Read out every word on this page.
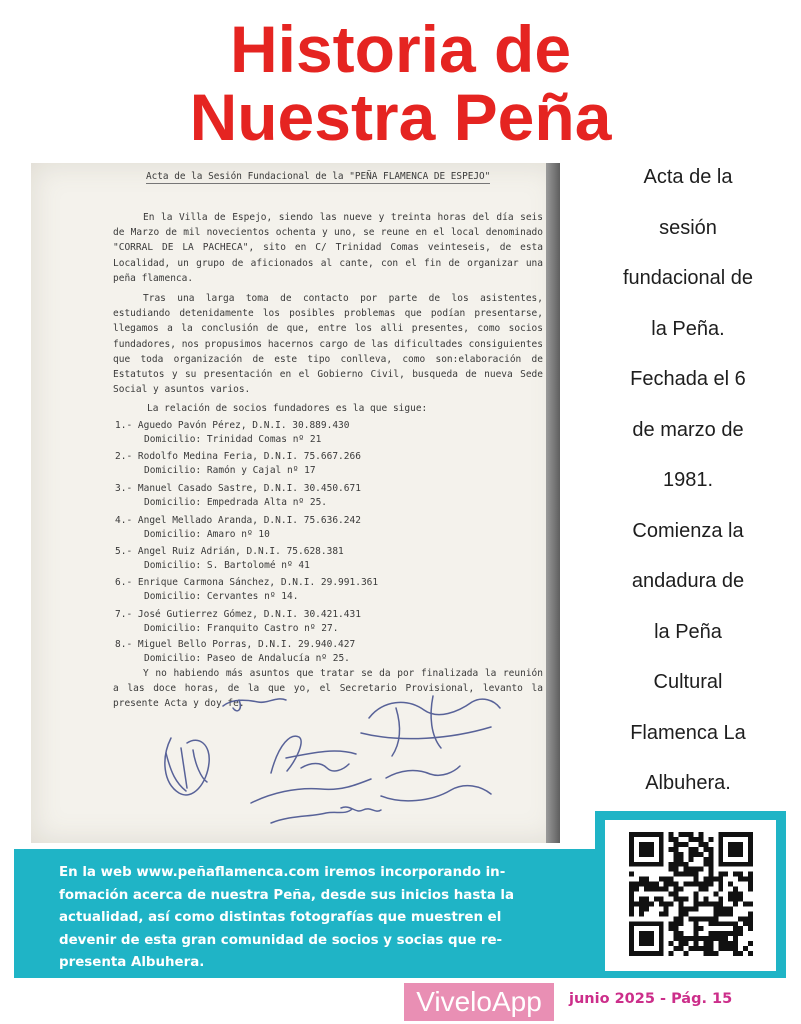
Historia de
Nuestra Peña
Acta de la Sesión Fundacional de la "PEÑA FLAMENCA DE ESPEJO"
En la Villa de Espejo, siendo las nueve y treinta horas del día seis de Marzo de mil novecientos ochenta y uno, se reune en el local denominado "CORRAL DE LA PACHECA", sito en C/ Trinidad Comas veinteseis, de esta Localidad, un grupo de aficionados al cante, con el fin de organizar una peña flamenca.
Tras una larga toma de contacto por parte de los asistentes, estudiando detenidamente los posibles problemas que podían presentarse, llegamos a la conclusión de que, entre los alli presentes, como socios fundadores, nos propusimos hacernos cargo de las dificultades consiguientes que toda organización de este tipo conlleva, como son:elaboración de Estatutos y su presentación en el Gobierno Civil, busqueda de nueva Sede Social y asuntos varios.
La relación de socios fundadores es la que sigue:
1.- Aguedo Pavón Pérez, D.N.I. 30.889.430
Domicilio: Trinidad Comas nº 21
2.- Rodolfo Medina Feria, D.N.I. 75.667.266
Domicilio: Ramón y Cajal nº 17
3.- Manuel Casado Sastre, D.N.I. 30.450.671
Domicilio: Empedrada Alta nº 25.
4.- Angel Mellado Aranda, D.N.I. 75.636.242
Domicilio: Amaro nº 10
5.- Angel Ruiz Adrián, D.N.I. 75.628.381
Domicilio: S. Bartolomé nº 41
6.- Enrique Carmona Sánchez, D.N.I. 29.991.361
Domicilio: Cervantes nº 14.
7.- José Gutierrez Gómez, D.N.I. 30.421.431
Domicilio: Franquito Castro nº 27.
8.- Miguel Bello Porras, D.N.I. 29.940.427
Domicilio: Paseo de Andalucía nº 25.
Y no habiendo más asuntos que tratar se da por finalizada la reunión a las doce horas, de la que yo, el Secretario Provisional, levanto la presente Acta y doy fe.
Acta de la
sesión
fundacional de
la Peña.
Fechada el 6
de marzo de
1981.
Comienza la
andadura de
la Peña
Cultural
Flamenca La
Albuhera.

En la web www.peñaflamenca.com iremos incorporando in-fomación acerca de nuestra Peña, desde sus inicios hasta la actualidad, así como distintas fotografías que muestren el devenir de esta gran comunidad de socios y socias que re-presenta Albuhera.

ViveloApp	junio 2025 - Pág. 15
